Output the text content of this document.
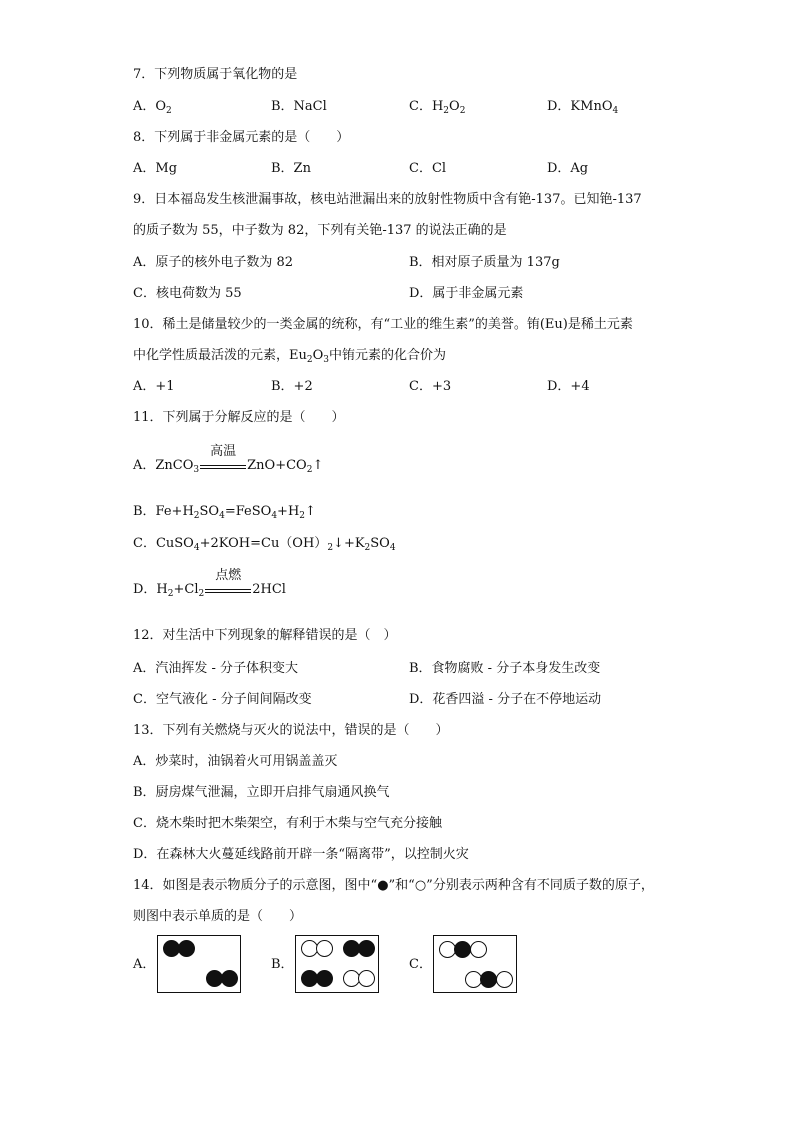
7．下列物质属于氧化物的是
A．$O_2$	B．NaCl	C．$H_2O_2$	D．KMnO$_4$
8．下列属于非金属元素的是（　　）
A．Mg	B．Zn	C．Cl	D．Ag
9．日本福岛发生核泄漏事故，核电站泄漏出来的放射性物质中含有铯-137。已知铯-137
的质子数为 55，中子数为 82，下列有关铯-137 的说法正确的是
A．原子的核外电子数为 82	B．相对原子质量为 137g
C．核电荷数为 55	D．属于非金属元素
10．稀土是储量较少的一类金属的统称，有“工业的维生素”的美誉。铕(Eu)是稀土元素
中化学性质最活泼的元素，$Eu_2O_3$中铕元素的化合价为
A．+1	B．+2	C．+3	D．+4
11．下列属于分解反应的是（　　）
A．ZnCO$_3$
高温
$ZnO+CO_2↑$
B．$Fe+H_2SO_4=FeSO_4+H_2↑$
C．$CuSO_4+2KOH=Cu(OH)_2↓+K_2SO_4$
D．$H_2+Cl_2$
点燃
2HCl
12．对生活中下列现象的解释错误的是（　）
A．汽油挥发 - 分子体积变大	B．食物腐败 - 分子本身发生改变
C．空气液化 - 分子间间隔改变	D．花香四溢 - 分子在不停地运动
13．下列有关燃烧与灭火的说法中，错误的是（　　）
A．炒菜时，油锅着火可用锅盖盖灭
B．厨房煤气泄漏，立即开启排气扇通风换气
C．烧木柴时把木柴架空，有利于木柴与空气充分接触
D．在森林大火蔓延线路前开辟一条“隔离带”，以控制火灾
14．如图是表示物质分子的示意图，图中“●”和“○”分别表示两种含有不同质子数的原子，
则图中表示单质的是（　　）
A．	B．	C．
